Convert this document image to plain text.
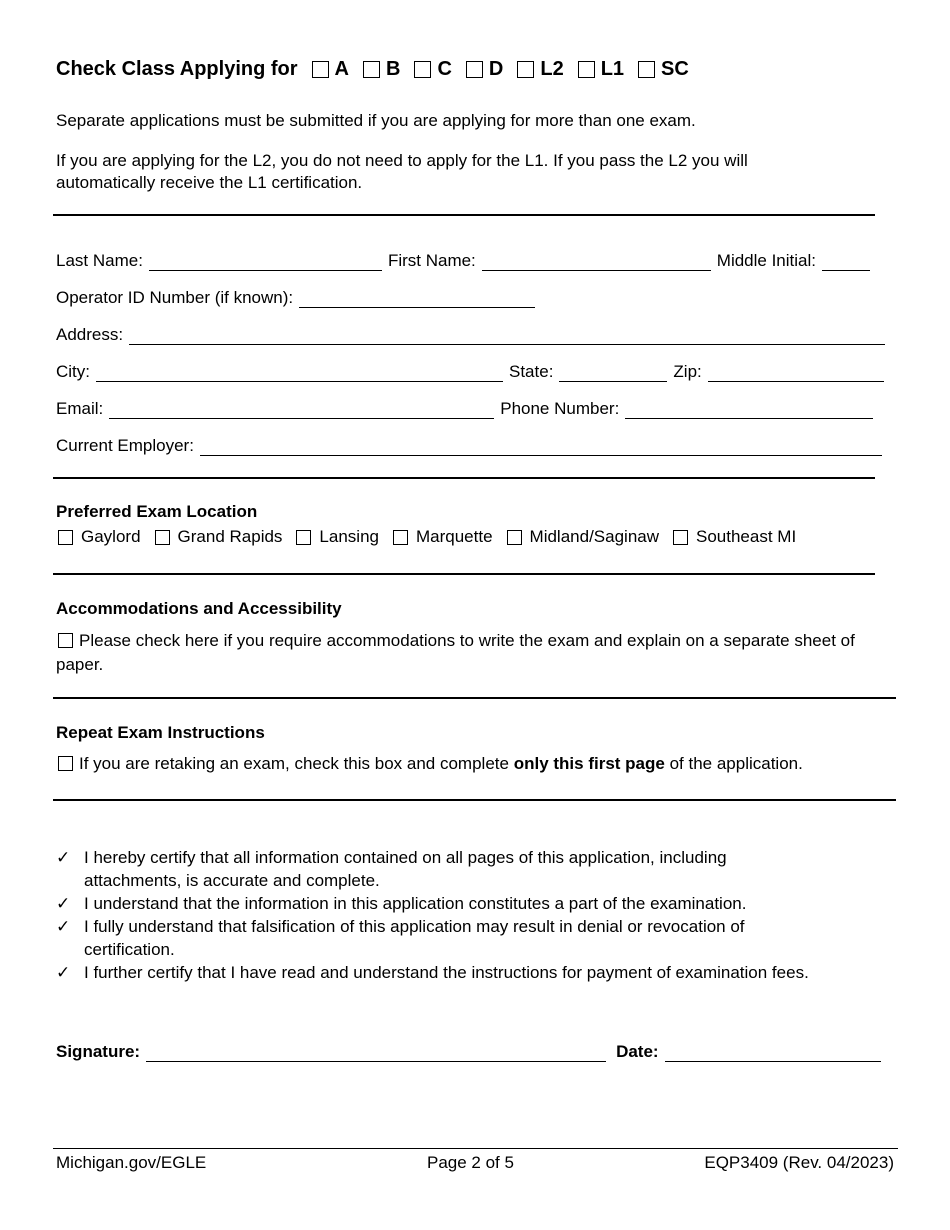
Check Class Applying for A B C D L2 L1 SC
Separate applications must be submitted if you are applying for more than one exam.
If you are applying for the L2, you do not need to apply for the L1. If you pass the L2 you will automatically receive the L1 certification.
Last Name:	First Name:	Middle Initial:
Operator ID Number (if known):
Address:
City:	State:	Zip:
Email:	Phone Number:
Current Employer:
Preferred Exam Location
Gaylord Grand Rapids Lansing Marquette Midland/Saginaw Southeast MI
Accommodations and Accessibility
Please check here if you require accommodations to write the exam and explain on a separate sheet of paper.
Repeat Exam Instructions
If you are retaking an exam, check this box and complete only this first page of the application.
✓ I hereby certify that all information contained on all pages of this application, including attachments, is accurate and complete.
✓ I understand that the information in this application constitutes a part of the examination.
✓ I fully understand that falsification of this application may result in denial or revocation of certification.
✓ I further certify that I have read and understand the instructions for payment of examination fees.
Signature:	Date:
Michigan.gov/EGLE	Page 2 of 5	EQP3409 (Rev. 04/2023)
